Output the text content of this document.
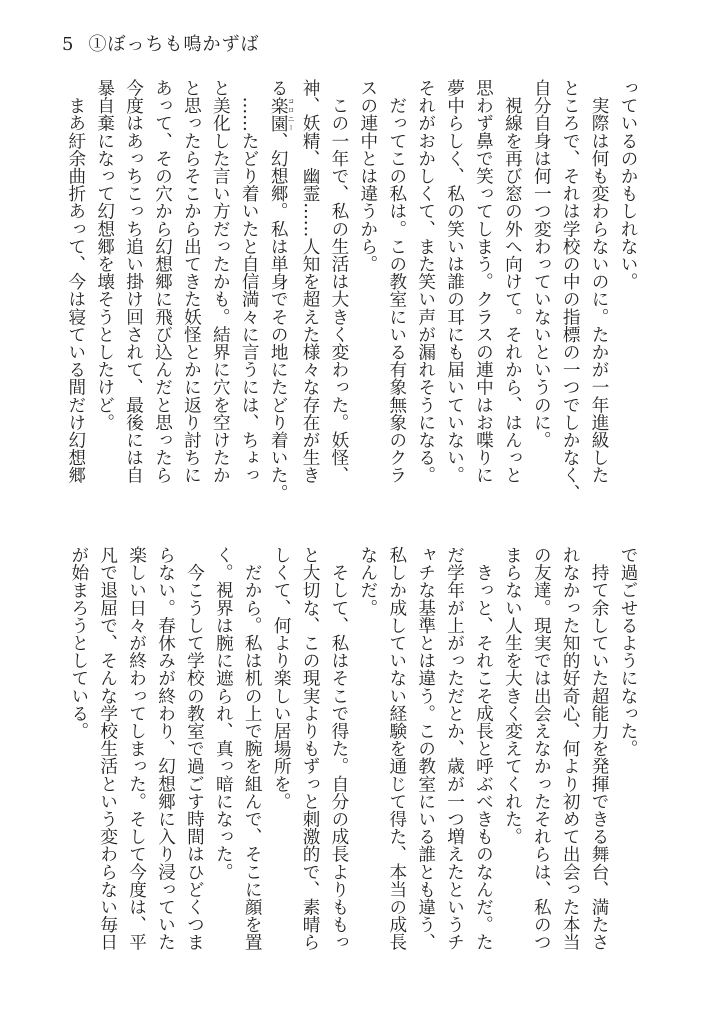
5 ①ぼっちも鳴かずば
っているのかもしれない。
　実際は何も変わらないのに。たかが一年進級した
ところで、それは学校の中の指標の一つでしかなく、
自分自身は何一つ変わっていないというのに。
　視線を再び窓の外へ向けて。それから、はんっと
思わず鼻で笑ってしまう。クラスの連中はお喋りに
夢中らしく、私の笑いは誰の耳にも届いていない。
それがおかしくて、また笑い声が漏れそうになる。
　だってこの私は。この教室にいる有象無象のクラ
スの連中とは違うから。
　この一年で、私の生活は大きく変わった。妖怪、
神、妖精、幽霊……人知を超えた様々な存在が生き
る楽園 コロニー、幻想郷。私は単身でその地にたどり着いた。
　……たどり着いたと自信満々に言うには、ちょっ
と美化した言い方だったかも。結界に穴を空けたか
と思ったらそこから出てきた妖怪とかに返り討ちに
あって、その穴から幻想郷に飛び込んだと思ったら
今度はあっちこっち追い掛け回されて、最後には自
暴自棄になって幻想郷を壊そうとしたけど。
　まあ紆余曲折あって、今は寝ている間だけ幻想郷
で過ごせるようになった。
　持て余していた超能力を発揮できる舞台、満たさ
れなかった知的好奇心、何より初めて出会った本当
の友達。現実では出会えなかったそれらは、私のつ
まらない人生を大きく変えてくれた。
　きっと、それこそ成長と呼ぶべきものなんだ。た
だ学年が上がっただとか、歳が一つ増えたというチ
ャチな基準とは違う。この教室にいる誰とも違う、
私しか成していない経験を通じて得た、本当の成長
なんだ。
　そして、私はそこで得た。自分の成長よりももっ
と大切な、この現実よりもずっと刺激的で、素晴ら
しくて、何より楽しい居場所を。
　だから。私は机の上で腕を組んで、そこに顔を置
く。視界は腕に遮られ、真っ暗になった。
　今こうして学校の教室で過ごす時間はひどくつま
らない。春休みが終わり、幻想郷に入り浸っていた
楽しい日々が終わってしまった。そして今度は、平
凡で退屈で、そんな学校生活という変わらない毎日
が始まろうとしている。
